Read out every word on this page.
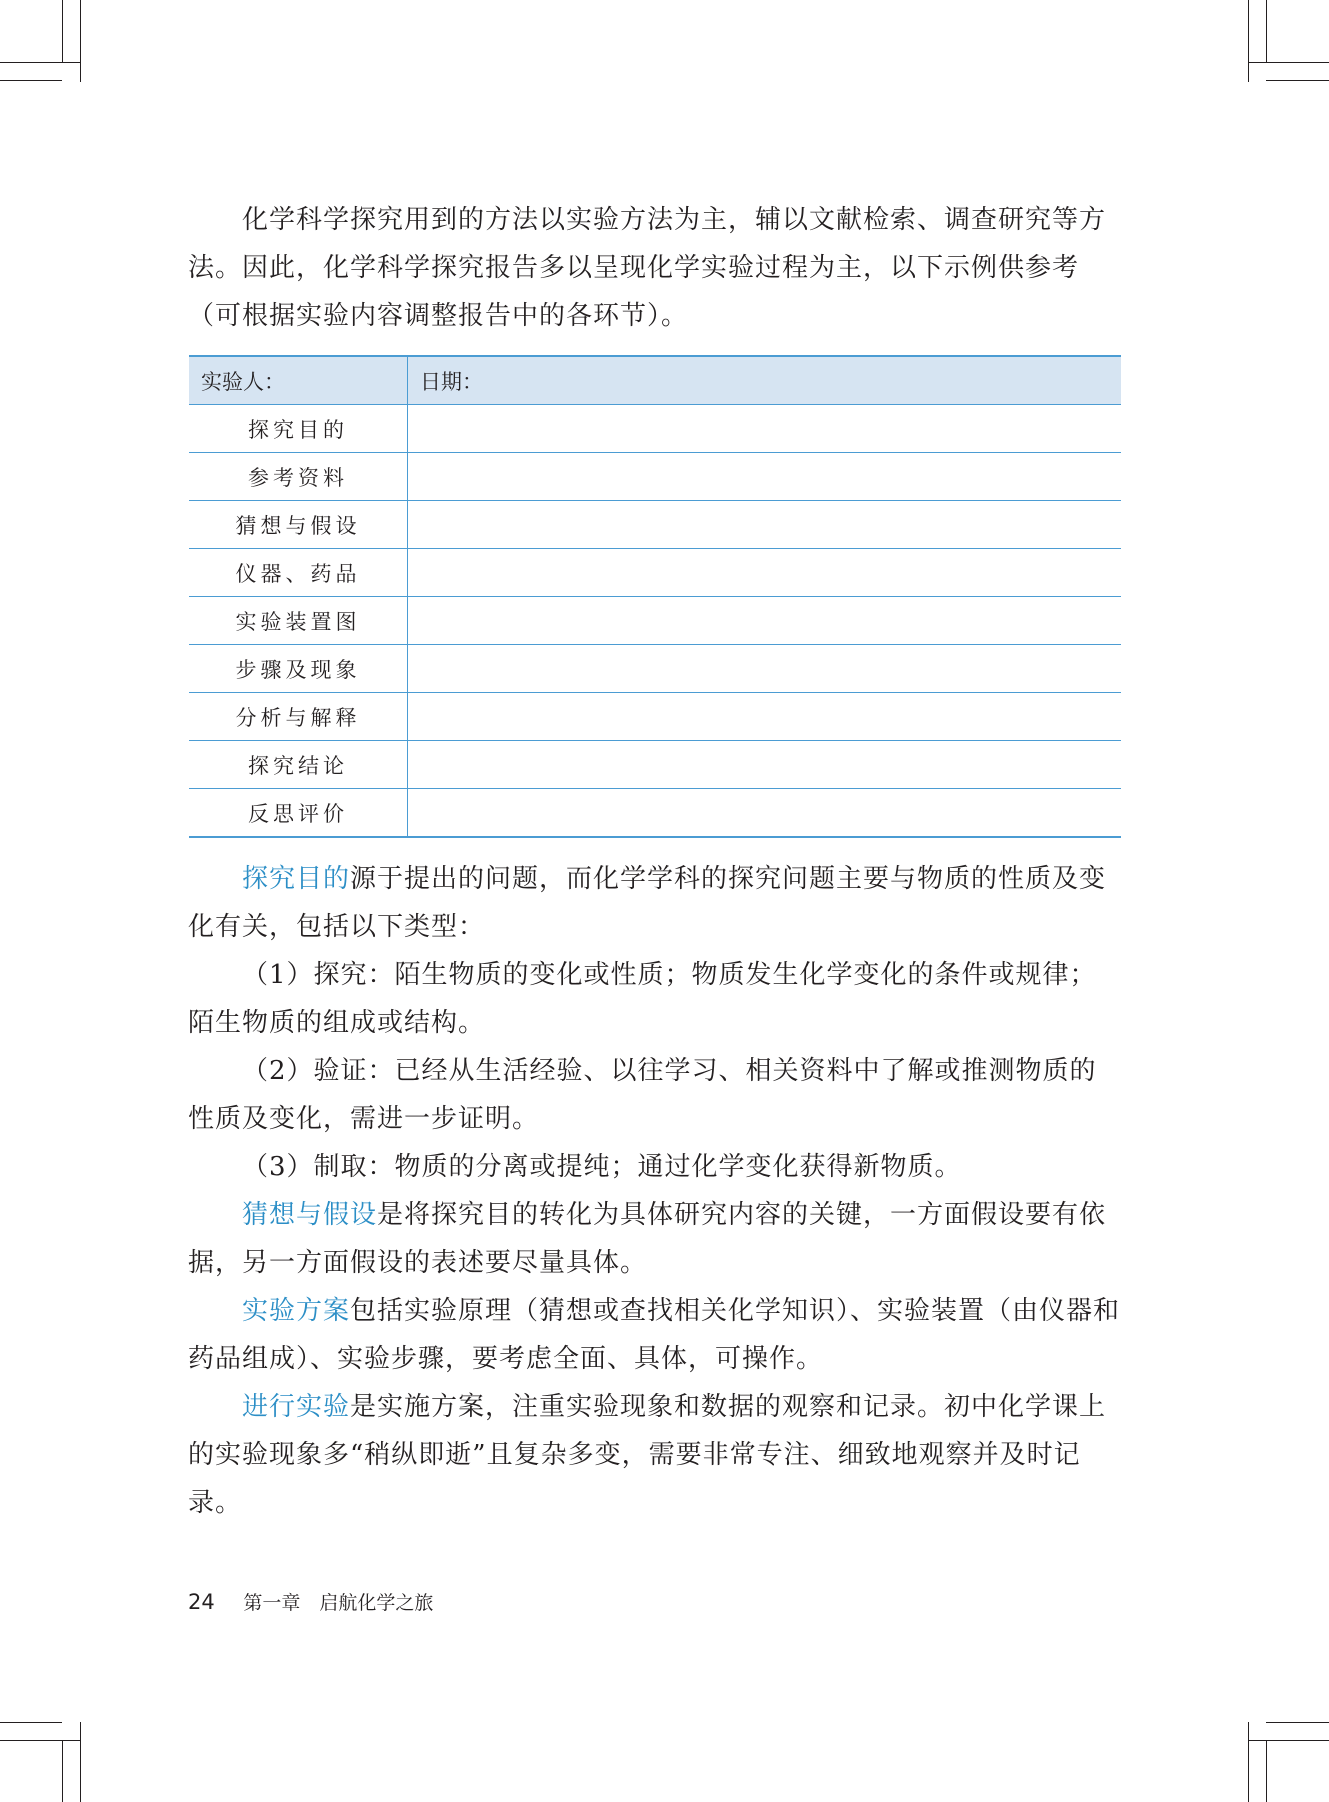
化学科学探究用到的方法以实验方法为主，辅以文献检索、调查研究等方法。因此，化学科学探究报告多以呈现化学实验过程为主，以下示例供参考（可根据实验内容调整报告中的各环节）。

实验人：	日期：
探究目的	
参考资料	
猜想与假设	
仪器、药品	
实验装置图	
步骤及现象	
分析与解释	
探究结论	
反思评价	

探究目的源于提出的问题，而化学学科的探究问题主要与物质的性质及变化有关，包括以下类型：

（1）探究：陌生物质的变化或性质；物质发生化学变化的条件或规律；陌生物质的组成或结构。

（2）验证：已经从生活经验、以往学习、相关资料中了解或推测物质的性质及变化，需进一步证明。

（3）制取：物质的分离或提纯；通过化学变化获得新物质。

猜想与假设是将探究目的转化为具体研究内容的关键，一方面假设要有依据，另一方面假设的表述要尽量具体。

实验方案包括实验原理（猜想或查找相关化学知识）、实验装置（由仪器和药品组成）、实验步骤，要考虑全面、具体，可操作。

进行实验是实施方案，注重实验现象和数据的观察和记录。初中化学课上的实验现象多“稍纵即逝”且复杂多变，需要非常专注、细致地观察并及时记录。

24 第一章　启航化学之旅
